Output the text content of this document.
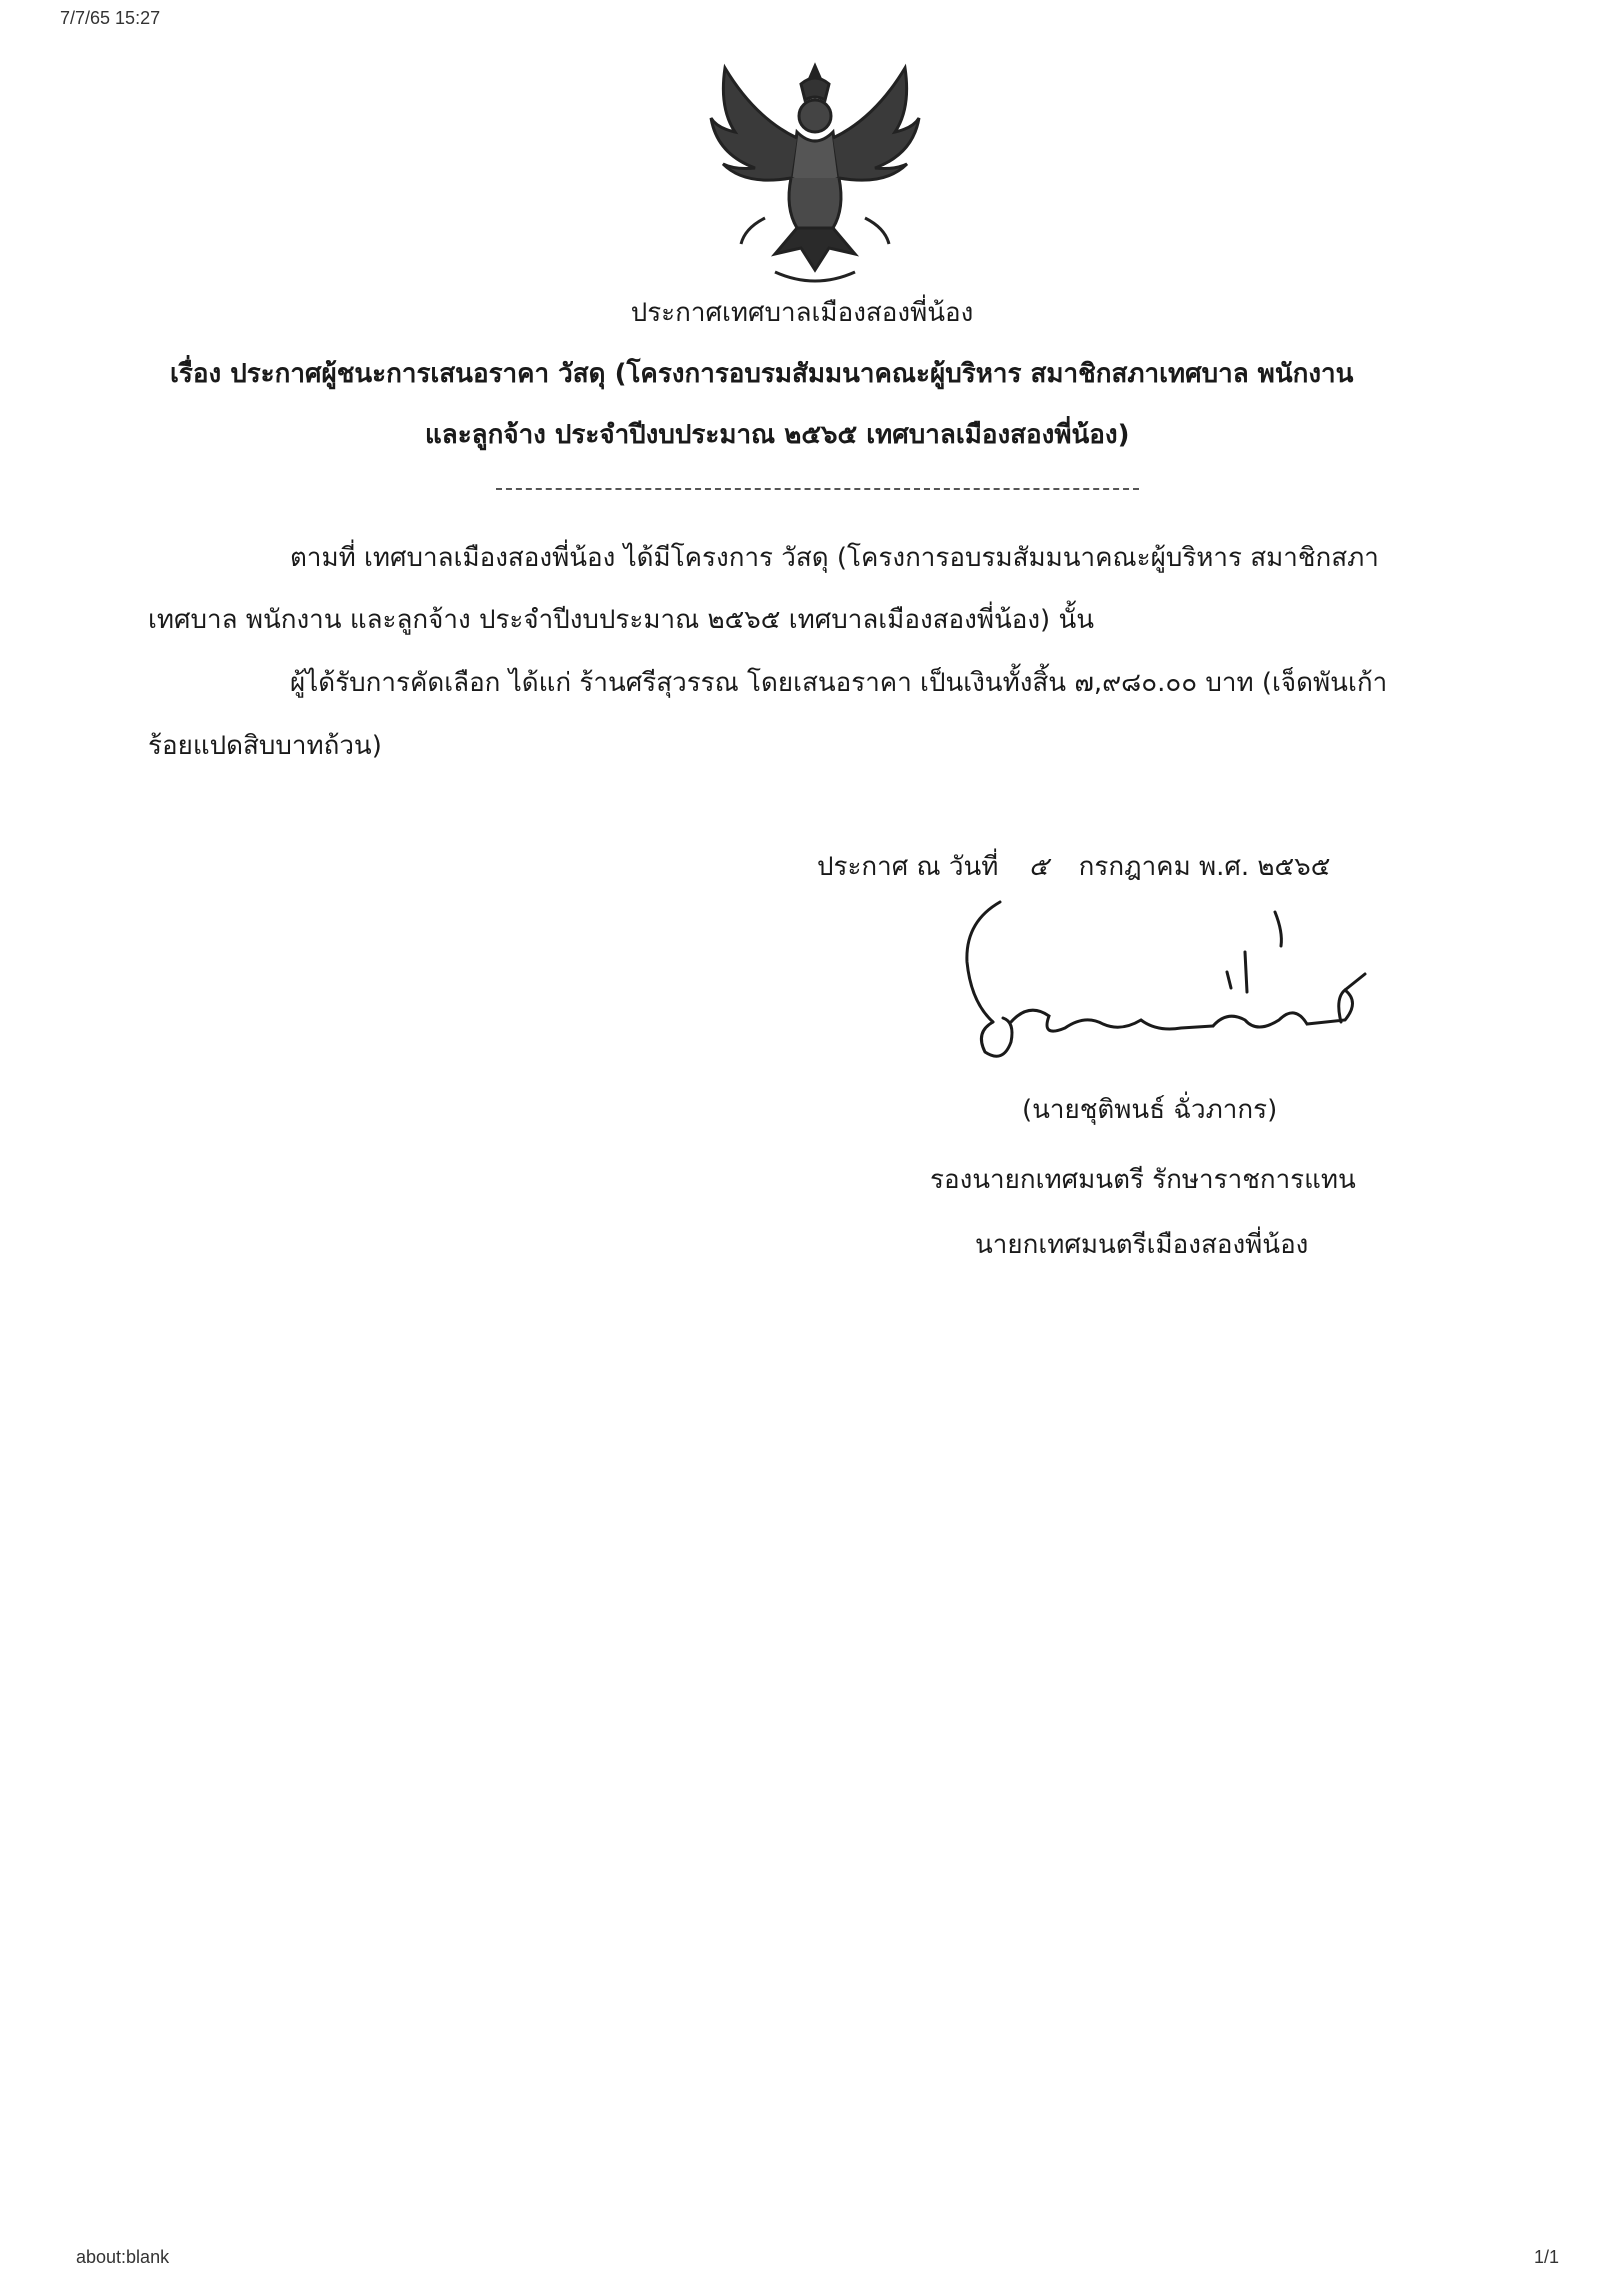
7/7/65 15:27
ประกาศเทศบาลเมืองสองพี่น้อง
เรื่อง ประกาศผู้ชนะการเสนอราคา วัสดุ (โครงการอบรมสัมมนาคณะผู้บริหาร สมาชิกสภาเทศบาล พนักงาน
และลูกจ้าง ประจำปีงบประมาณ ๒๕๖๕ เทศบาลเมืองสองพี่น้อง)
ตามที่ เทศบาลเมืองสองพี่น้อง ได้มีโครงการ วัสดุ (โครงการอบรมสัมมนาคณะผู้บริหาร สมาชิกสภา
เทศบาล พนักงาน และลูกจ้าง ประจำปีงบประมาณ ๒๕๖๕ เทศบาลเมืองสองพี่น้อง) นั้น
ผู้ได้รับการคัดเลือก ได้แก่ ร้านศรีสุวรรณ โดยเสนอราคา เป็นเงินทั้งสิ้น ๗,๙๘๐.๐๐ บาท (เจ็ดพันเก้า
ร้อยแปดสิบบาทถ้วน)
ประกาศ ณ วันที่ ๕ กรกฎาคม พ.ศ. ๒๕๖๕
(นายชุติพนธ์ ฉั่วภากร)
รองนายกเทศมนตรี รักษาราชการแทน
นายกเทศมนตรีเมืองสองพี่น้อง
about:blank	1/1
